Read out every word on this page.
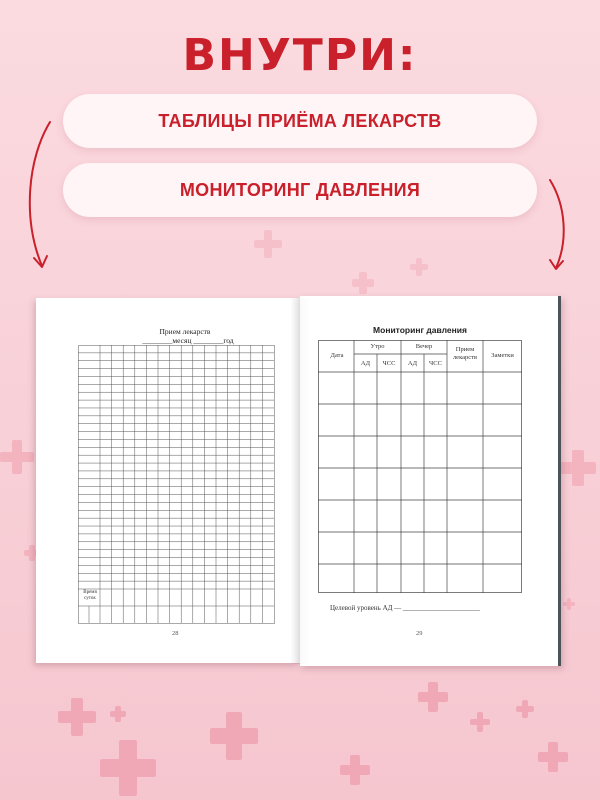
ВНУТРИ:
ТАБЛИЦЫ ПРИЁМА ЛЕКАРСТВ
МОНИТОРИНГ ДАВЛЕНИЯ
Прием лекарств
________месяц ________год
Время суток
28
Мониторинг давления
Дата
Утро	Вечер	Прием лекарств	Заметки
АД	ЧСС	АД	ЧСС
Целевой уровень АД — ______________________
29
